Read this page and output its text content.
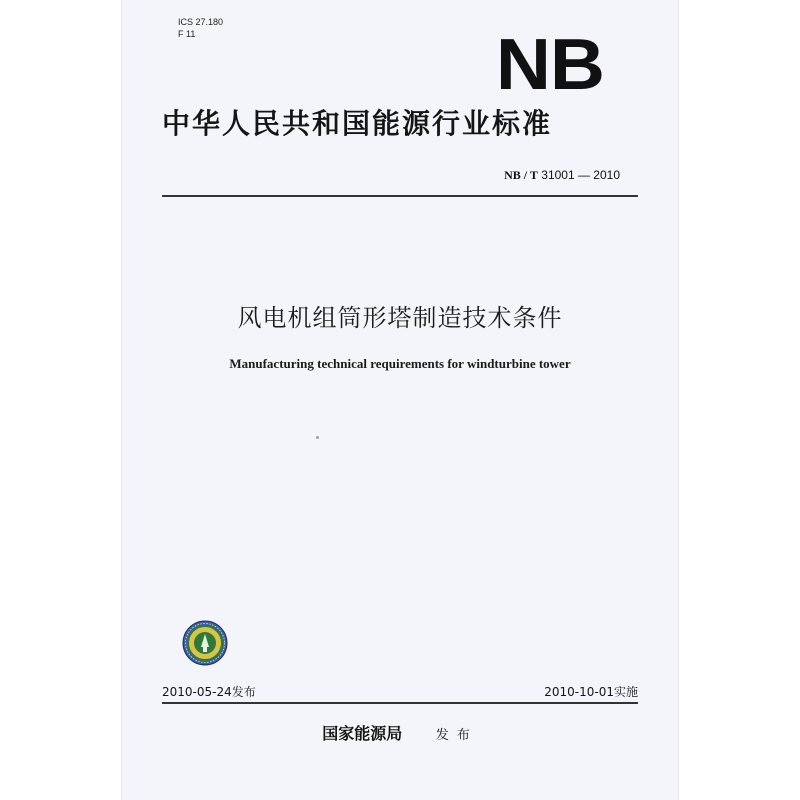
ICS 27.180
F 11	NB
中华人民共和国能源行业标准
NB / T 31001 — 2010
风电机组筒形塔制造技术条件
Manufacturing technical requirements for windturbine tower
2010-05-24发布	2010-10-01实施
国家能源局	发布
